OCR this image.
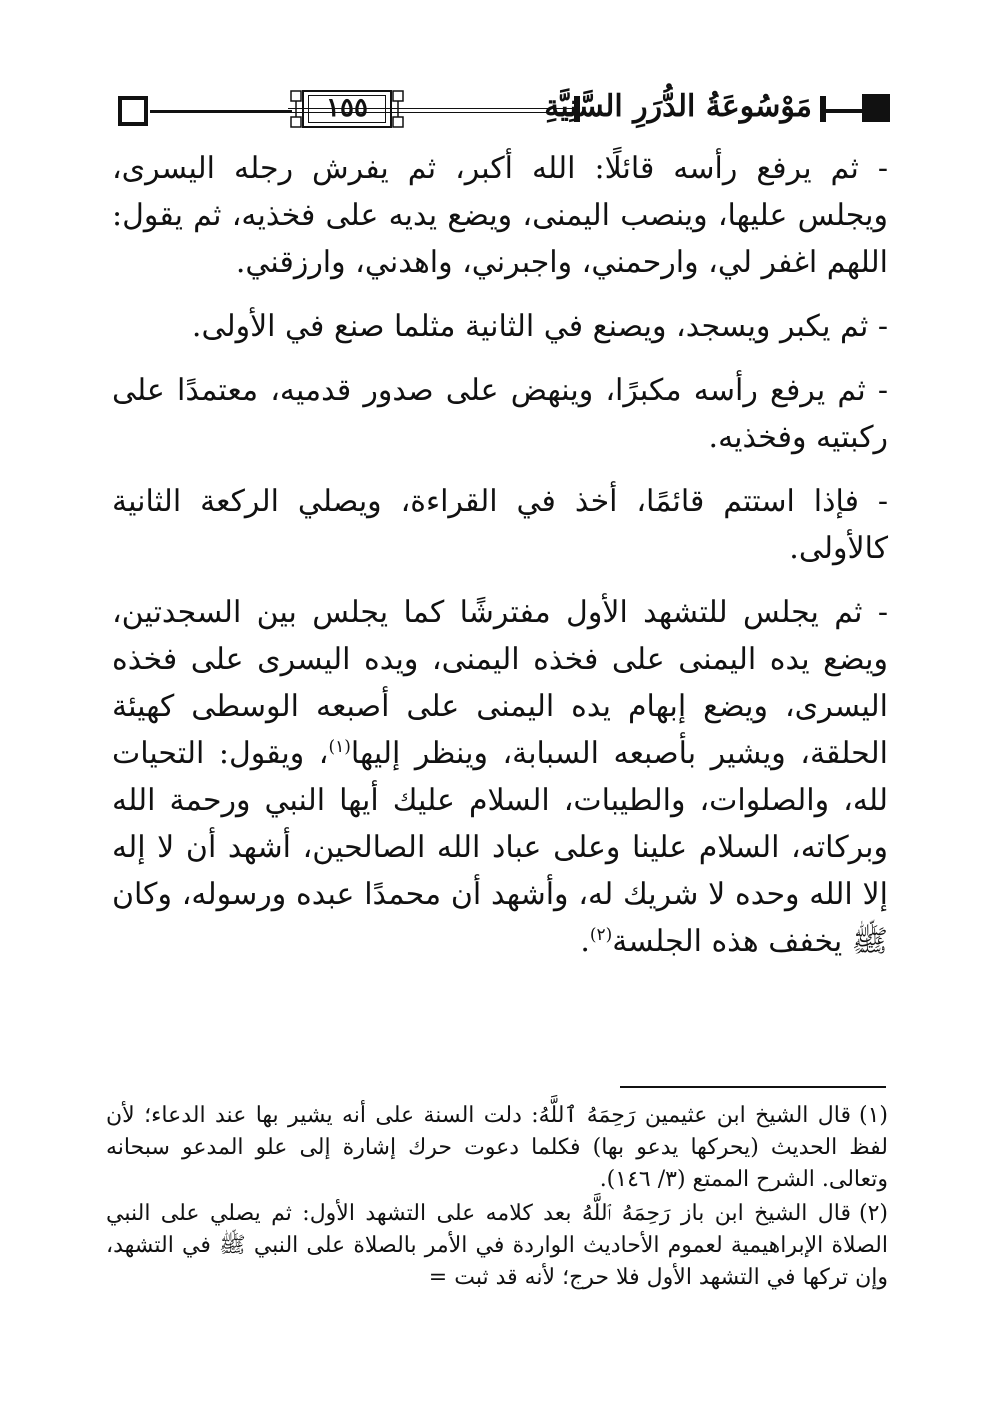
١٥٥	مَوْسُوعَةُ الدُّرَرِ السَّنِيَّةِ

- ثم يرفع رأسه قائلًا: الله أكبر، ثم يفرش رجله اليسرى، ويجلس عليها، وينصب اليمنى، ويضع يديه على فخذيه، ثم يقول: اللهم اغفر لي، وارحمني، واجبرني، واهدني، وارزقني.

- ثم يكبر ويسجد، ويصنع في الثانية مثلما صنع في الأولى.

- ثم يرفع رأسه مكبرًا، وينهض على صدور قدميه، معتمدًا على ركبتيه وفخذيه.

- فإذا استتم قائمًا، أخذ في القراءة، ويصلي الركعة الثانية كالأولى.

- ثم يجلس للتشهد الأول مفترشًا كما يجلس بين السجدتين، ويضع يده اليمنى على فخذه اليمنى، ويده اليسرى على فخذه اليسرى، ويضع إبهام يده اليمنى على أصبعه الوسطى كهيئة الحلقة، ويشير بأصبعه السبابة، وينظر إليها$^{(١)}$، ويقول: التحيات لله، والصلوات، والطيبات، السلام عليك أيها النبي ورحمة الله وبركاته، السلام علينا وعلى عباد الله الصالحين، أشهد أن لا إله إلا الله وحده لا شريك له، وأشهد أن محمدًا عبده ورسوله، وكان ﷺ يخفف هذه الجلسة$^{(٢)}$.

(١)قال الشيخ ابن عثيمين رَحِمَهُ ٱللَّهُ: دلت السنة على أنه يشير بها عند الدعاء؛ لأن لفظ الحديث (يحركها يدعو بها) فكلما دعوت حرك إشارة إلى علو المدعو سبحانه وتعالى. الشرح الممتع (٣/ ١٤٦).

(٢)قال الشيخ ابن باز رَحِمَهُ ٱللَّهُ بعد كلامه على التشهد الأول: ثم يصلي على النبي الصلاة الإبراهيمية لعموم الأحاديث الواردة في الأمر بالصلاة على النبي ﷺ في التشهد، وإن تركها في التشهد الأول فلا حرج؛ لأنه قد ثبت =
